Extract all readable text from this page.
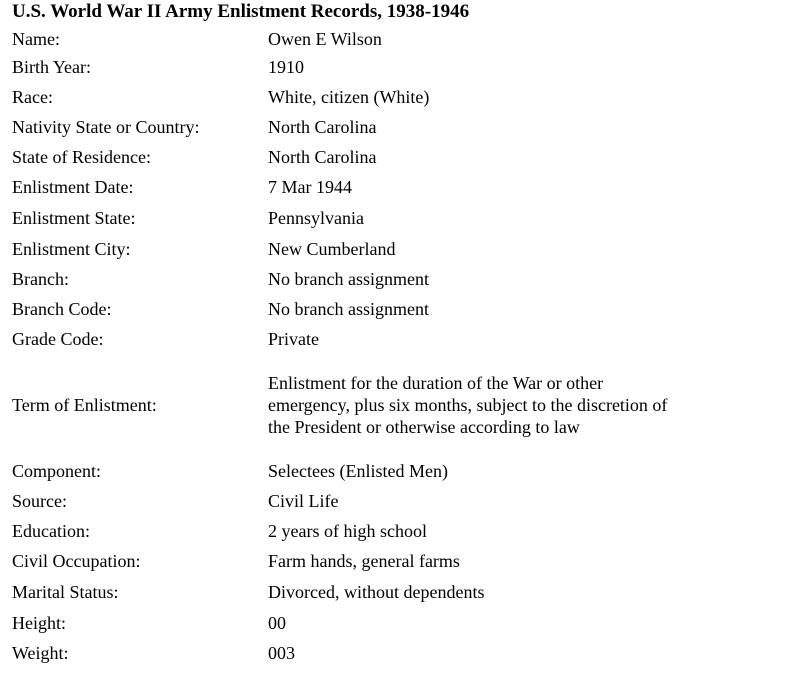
U.S. World War II Army Enlistment Records, 1938-1946
Name:	Owen E Wilson
Birth Year:	1910
Race:	White, citizen (White)
Nativity State or Country:	North Carolina
State of Residence:	North Carolina
Enlistment Date:	7 Mar 1944
Enlistment State:	Pennsylvania
Enlistment City:	New Cumberland
Branch:	No branch assignment
Branch Code:	No branch assignment
Grade Code:	Private
Term of Enlistment:
Enlistment for the duration of the War or other emergency, plus six months, subject to the discretion of the President or otherwise according to law
Component:	Selectees (Enlisted Men)
Source:	Civil Life
Education:	2 years of high school
Civil Occupation:	Farm hands, general farms
Marital Status:	Divorced, without dependents
Height:	00
Weight:	003
